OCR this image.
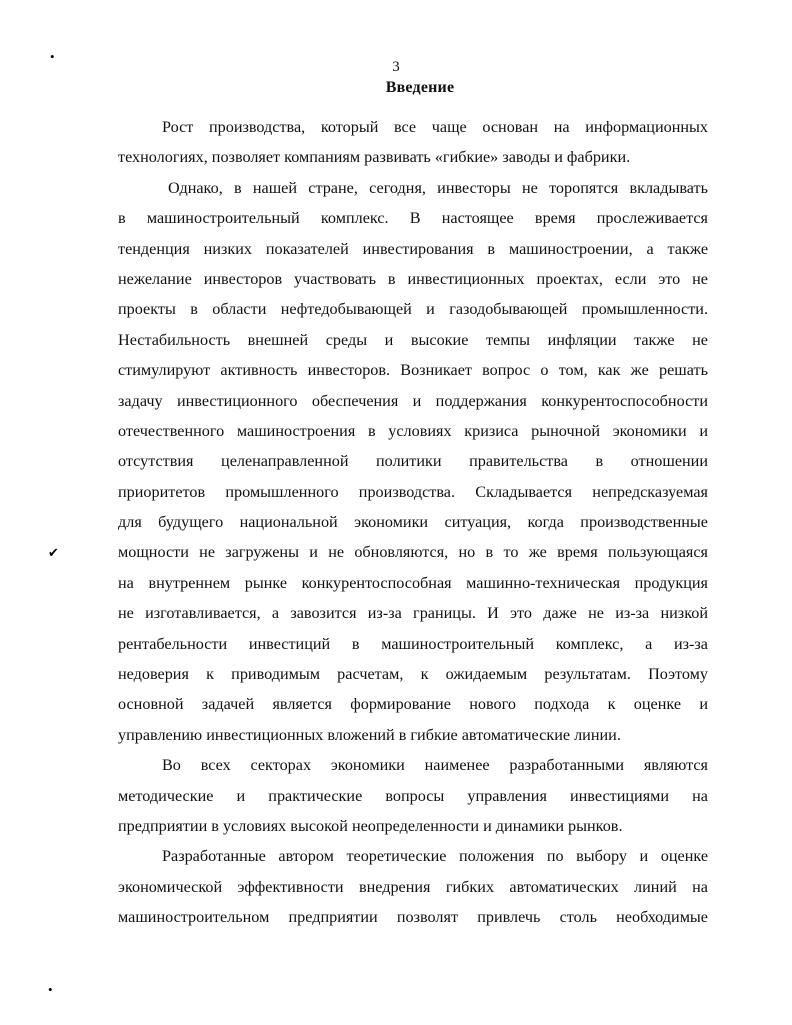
•
✔
•
3
Введение
Рост производства, который все чаще основан на информационных
технологиях, позволяет компаниям развивать «гибкие» заводы и фабрики.
Однако, в нашей стране, сегодня, инвесторы не торопятся вкладывать
в машиностроительный комплекс. В настоящее время прослеживается
тенденция низких показателей инвестирования в машиностроении, а также
нежелание инвесторов участвовать в инвестиционных проектах, если это не
проекты в области нефтедобывающей и газодобывающей промышленности.
Нестабильность внешней среды и высокие темпы инфляции также не
стимулируют активность инвесторов. Возникает вопрос о том, как же решать
задачу инвестиционного обеспечения и поддержания конкурентоспособности
отечественного машиностроения в условиях кризиса рыночной экономики и
отсутствия целенаправленной политики правительства в отношении
приоритетов промышленного производства. Складывается непредсказуемая
для будущего национальной экономики ситуация, когда производственные
мощности не загружены и не обновляются, но в то же время пользующаяся
на внутреннем рынке конкурентоспособная машинно-техническая продукция
не изготавливается, а завозится из-за границы. И это даже не из-за низкой
рентабельности инвестиций в машиностроительный комплекс, а из-за
недоверия к приводимым расчетам, к ожидаемым результатам. Поэтому
основной задачей является формирование нового подхода к оценке и
управлению инвестиционных вложений в гибкие автоматические линии.
Во всех секторах экономики наименее разработанными являются
методические и практические вопросы управления инвестициями на
предприятии в условиях высокой неопределенности и динамики рынков.
Разработанные автором теоретические положения по выбору и оценке
экономической эффективности внедрения гибких автоматических линий на
машиностроительном предприятии позволят привлечь столь необходимые
